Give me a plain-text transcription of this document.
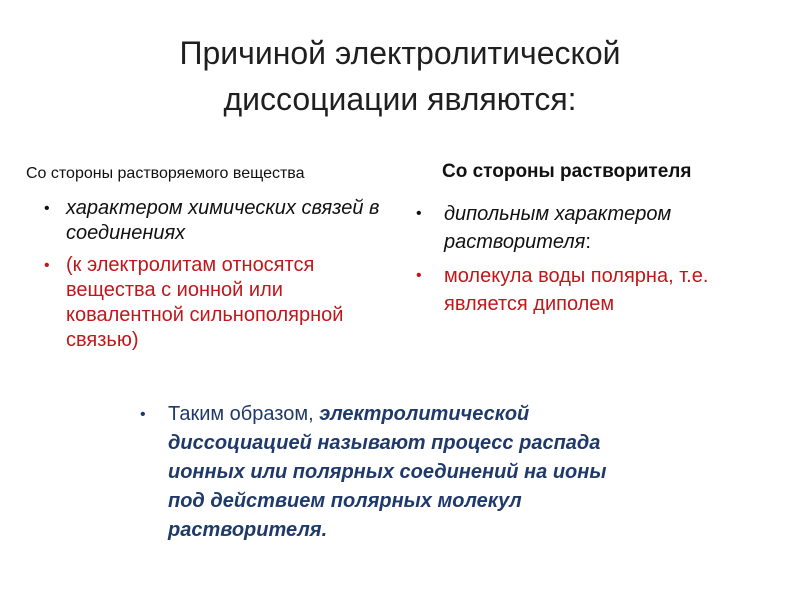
Причиной электролитической
диссоциации являются:
Со стороны растворяемого вещества	Со стороны растворителя
• характером химических связей в соединениях
• (к электролитам относятся вещества с ионной или ковалентной сильнополярной связью)
• дипольным характером растворителя:
• молекула воды полярна, т.е. является диполем
• Таким образом, электролитической диссоциацией называют процесс распада ионных или полярных соединений на ионы под действием полярных молекул растворителя.
